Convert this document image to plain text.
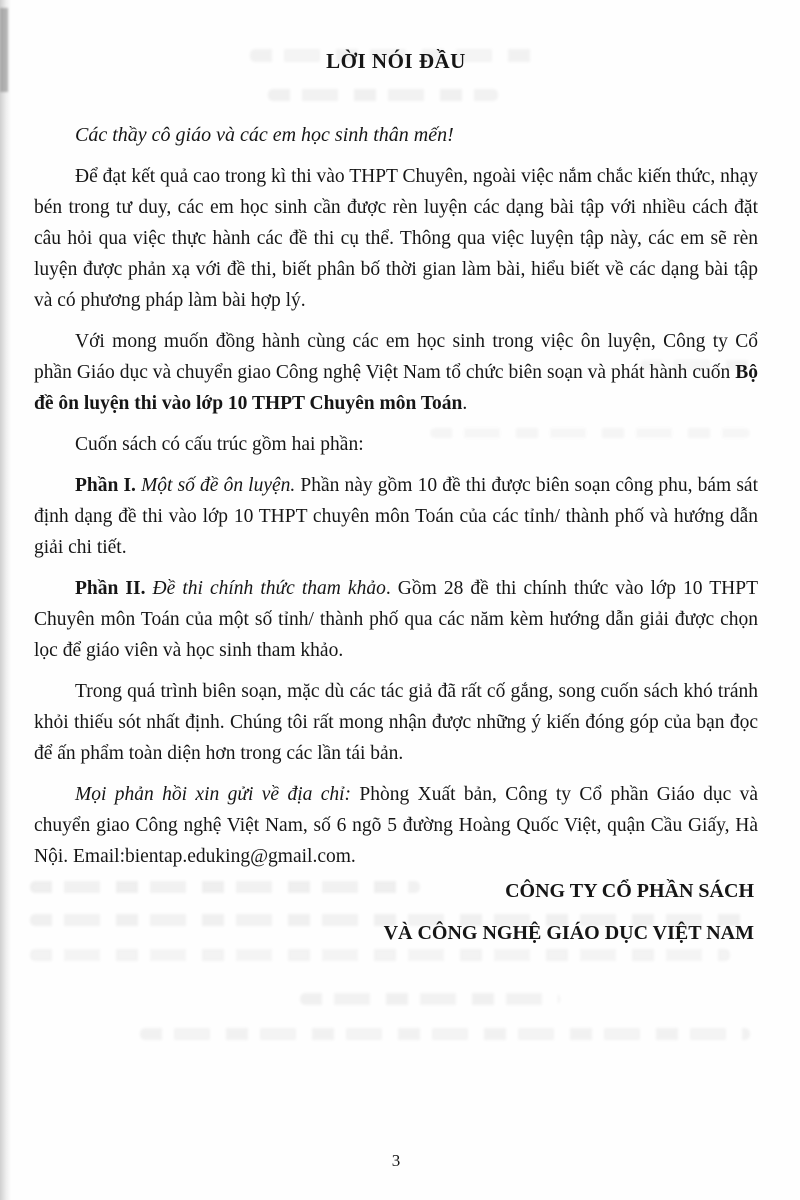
LỜI NÓI ĐẦU

Các thầy cô giáo và các em học sinh thân mến!

Để đạt kết quả cao trong kì thi vào THPT Chuyên, ngoài việc nắm chắc kiến thức, nhạy bén trong tư duy, các em học sinh cần được rèn luyện các dạng bài tập với nhiều cách đặt câu hỏi qua việc thực hành các đề thi cụ thể. Thông qua việc luyện tập này, các em sẽ rèn luyện được phản xạ với đề thi, biết phân bố thời gian làm bài, hiểu biết về các dạng bài tập và có phương pháp làm bài hợp lý.

Với mong muốn đồng hành cùng các em học sinh trong việc ôn luyện, Công ty Cổ phần Giáo dục và chuyển giao Công nghệ Việt Nam tổ chức biên soạn và phát hành cuốn Bộ đề ôn luyện thi vào lớp 10 THPT Chuyên môn Toán.

Cuốn sách có cấu trúc gồm hai phần:

Phần I. Một số đề ôn luyện. Phần này gồm 10 đề thi được biên soạn công phu, bám sát định dạng đề thi vào lớp 10 THPT chuyên môn Toán của các tỉnh/ thành phố và hướng dẫn giải chi tiết.

Phần II. Đề thi chính thức tham khảo. Gồm 28 đề thi chính thức vào lớp 10 THPT Chuyên môn Toán của một số tỉnh/ thành phố qua các năm kèm hướng dẫn giải được chọn lọc để giáo viên và học sinh tham khảo.

Trong quá trình biên soạn, mặc dù các tác giả đã rất cố gắng, song cuốn sách khó tránh khỏi thiếu sót nhất định. Chúng tôi rất mong nhận được những ý kiến đóng góp của bạn đọc để ấn phẩm toàn diện hơn trong các lần tái bản.

Mọi phản hồi xin gửi về địa chỉ: Phòng Xuất bản, Công ty Cổ phần Giáo dục và chuyển giao Công nghệ Việt Nam, số 6 ngõ 5 đường Hoàng Quốc Việt, quận Cầu Giấy, Hà Nội. Email:bientap.eduking@gmail.com.

CÔNG TY CỔ PHẦN SÁCH
VÀ CÔNG NGHỆ GIÁO DỤC VIỆT NAM
3
